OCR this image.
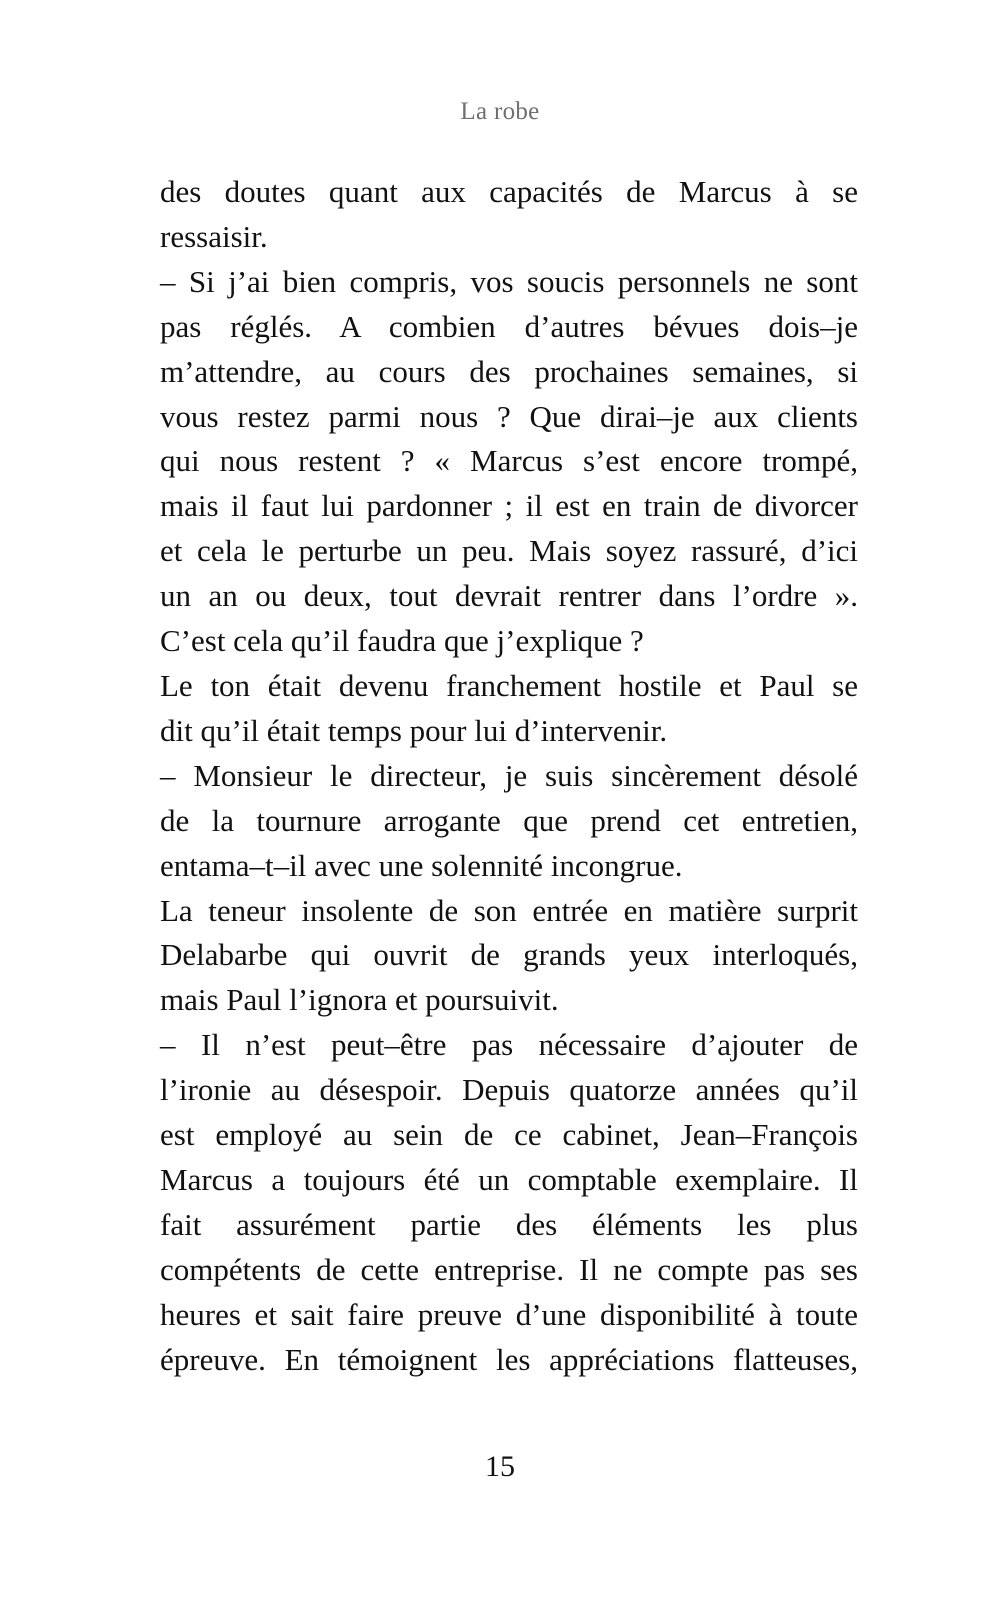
La robe
des doutes quant aux capacités de Marcus à se
ressaisir.
– Si j’ai bien compris, vos soucis personnels ne sont
pas réglés. A combien d’autres bévues dois–je
m’attendre, au cours des prochaines semaines, si
vous restez parmi nous ? Que dirai–je aux clients
qui nous restent ? « Marcus s’est encore trompé,
mais il faut lui pardonner ; il est en train de divorcer
et cela le perturbe un peu. Mais soyez rassuré, d’ici
un an ou deux, tout devrait rentrer dans l’ordre ».
C’est cela qu’il faudra que j’explique ?
Le ton était devenu franchement hostile et Paul se
dit qu’il était temps pour lui d’intervenir.
– Monsieur le directeur, je suis sincèrement désolé
de la tournure arrogante que prend cet entretien,
entama–t–il avec une solennité incongrue.
La teneur insolente de son entrée en matière surprit
Delabarbe qui ouvrit de grands yeux interloqués,
mais Paul l’ignora et poursuivit.
– Il n’est peut–être pas nécessaire d’ajouter de
l’ironie au désespoir. Depuis quatorze années qu’il
est employé au sein de ce cabinet, Jean–François
Marcus a toujours été un comptable exemplaire. Il
fait assurément partie des éléments les plus
compétents de cette entreprise. Il ne compte pas ses
heures et sait faire preuve d’une disponibilité à toute
épreuve. En témoignent les appréciations flatteuses,
15
